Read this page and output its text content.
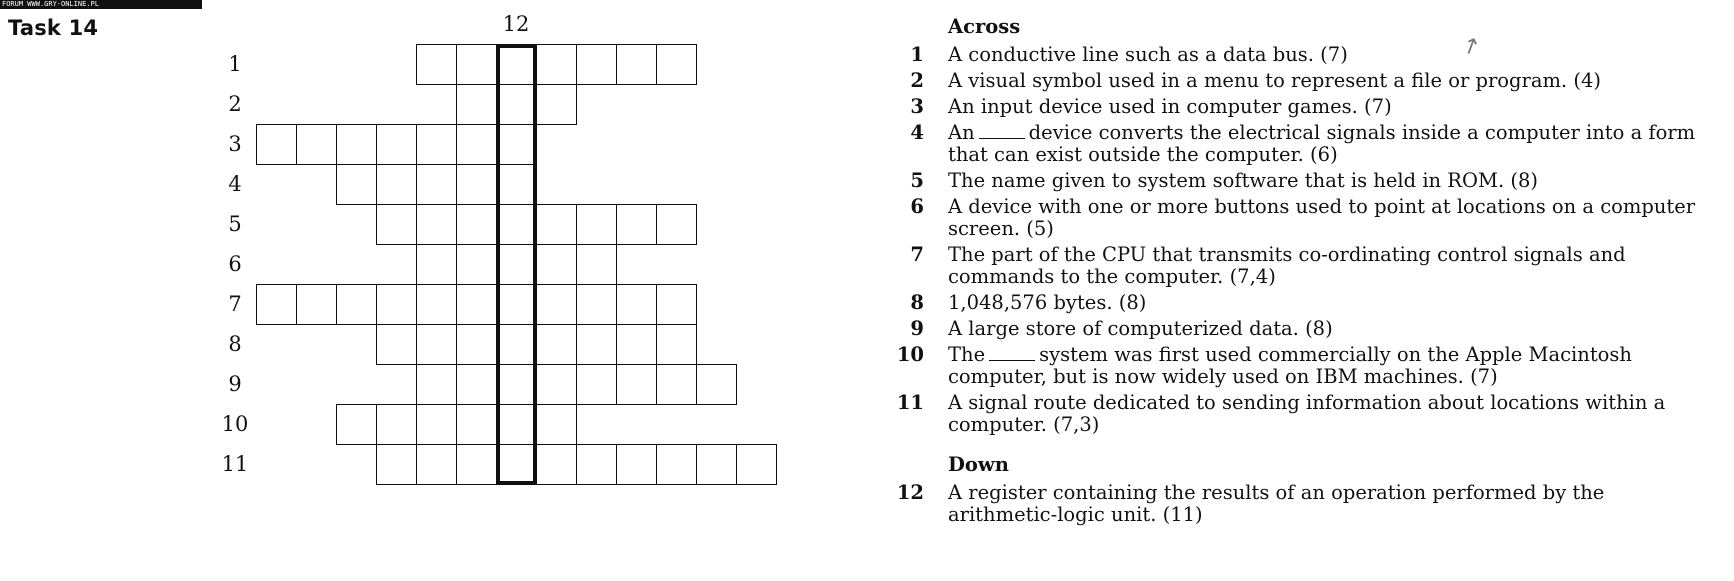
FORUM WWW.GRY-ONLINE.PL
Task 14
↗
12
1
2
3
4
5
6
7
8
9
10
11
Across
1 A conductive line such as a data bus. (7)
2 A visual symbol used in a menu to represent a file or program. (4)
3 An input device used in computer games. (7)
4 An	device converts the electrical signals inside a computer into a form that can exist outside the computer. (6)
5 The name given to system software that is held in ROM. (8)
6 A device with one or more buttons used to point at locations on a computer screen. (5)
7 The part of the CPU that transmits co-ordinating control signals and commands to the computer. (7,4)
8 1,048,576 bytes. (8)
9 A large store of computerized data. (8)
10 The	system was first used commercially on the Apple Macintosh computer, but is now widely used on IBM machines. (7)
11 A signal route dedicated to sending information about locations within a computer. (7,3)
Down
12 A register containing the results of an operation performed by the arithmetic-logic unit. (11)
